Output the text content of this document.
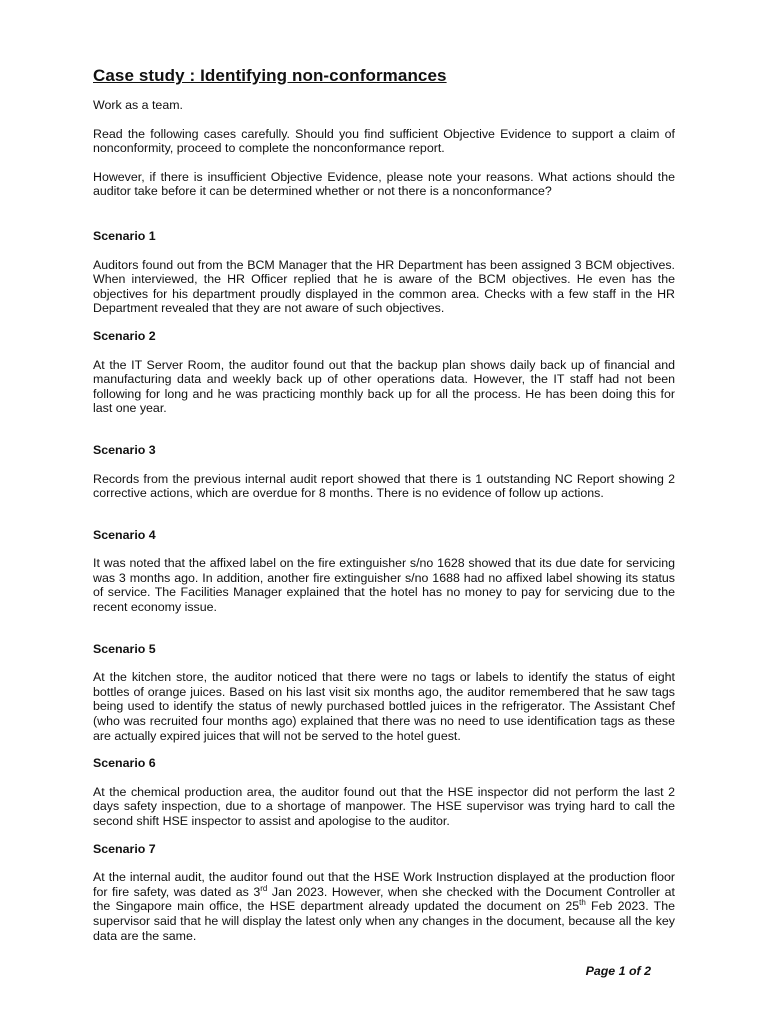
Case study : Identifying non-conformances

Work as a team.

Read the following cases carefully. Should you find sufficient Objective Evidence to support a claim of nonconformity, proceed to complete the nonconformance report.

However, if there is insufficient Objective Evidence, please note your reasons. What actions should the auditor take before it can be determined whether or not there is a nonconformance?

Scenario 1

Auditors found out from the BCM Manager that the HR Department has been assigned 3 BCM objectives. When interviewed, the HR Officer replied that he is aware of the BCM objectives. He even has the objectives for his department proudly displayed in the common area. Checks with a few staff in the HR Department revealed that they are not aware of such objectives.

Scenario 2

At the IT Server Room, the auditor found out that the backup plan shows daily back up of financial and manufacturing data and weekly back up of other operations data. However, the IT staff had not been following for long and he was practicing monthly back up for all the process. He has been doing this for last one year.

Scenario 3

Records from the previous internal audit report showed that there is 1 outstanding NC Report showing 2 corrective actions, which are overdue for 8 months. There is no evidence of follow up actions.

Scenario 4

It was noted that the affixed label on the fire extinguisher s/no 1628 showed that its due date for servicing was 3 months ago. In addition, another fire extinguisher s/no 1688 had no affixed label showing its status of service. The Facilities Manager explained that the hotel has no money to pay for servicing due to the recent economy issue.

Scenario 5

At the kitchen store, the auditor noticed that there were no tags or labels to identify the status of eight bottles of orange juices. Based on his last visit six months ago, the auditor remembered that he saw tags being used to identify the status of newly purchased bottled juices in the refrigerator. The Assistant Chef (who was recruited four months ago) explained that there was no need to use identification tags as these are actually expired juices that will not be served to the hotel guest.

Scenario 6

At the chemical production area, the auditor found out that the HSE inspector did not perform the last 2 days safety inspection, due to a shortage of manpower. The HSE supervisor was trying hard to call the second shift HSE inspector to assist and apologise to the auditor.

Scenario 7

At the internal audit, the auditor found out that the HSE Work Instruction displayed at the production floor for fire safety, was dated as 3rd Jan 2023. However, when she checked with the Document Controller at the Singapore main office, the HSE department already updated the document on 25th Feb 2023. The supervisor said that he will display the latest only when any changes in the document, because all the key data are the same.

Page 1 of 2
